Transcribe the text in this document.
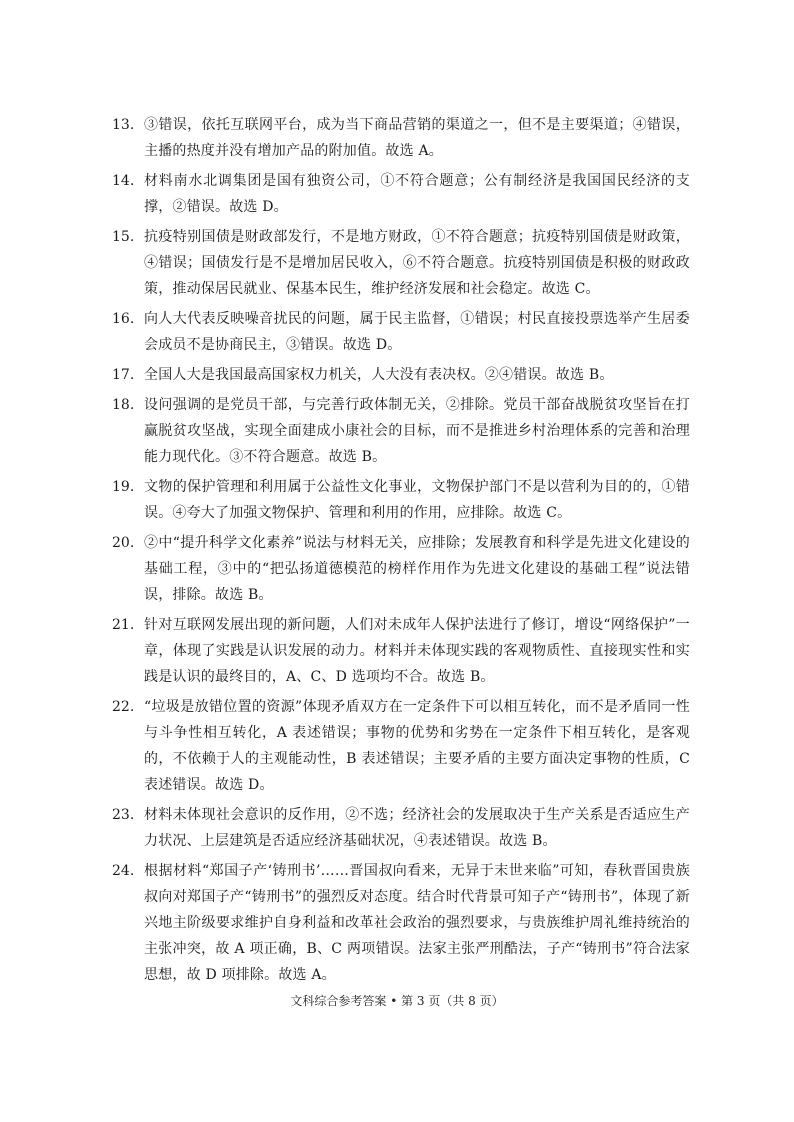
13. ③错误，依托互联网平台，成为当下商品营销的渠道之一，但不是主要渠道；④错误，主播的热度并没有增加产品的附加值。故选 A。
14. 材料南水北调集团是国有独资公司，①不符合题意；公有制经济是我国国民经济的支撑，②错误。故选 D。
15. 抗疫特别国债是财政部发行，不是地方财政，①不符合题意；抗疫特别国债是财政策，④错误；国债发行是不是增加居民收入，⑥不符合题意。抗疫特别国债是积极的财政政策，推动保居民就业、保基本民生，维护经济发展和社会稳定。故选 C。
16. 向人大代表反映噪音扰民的问题，属于民主监督，①错误；村民直接投票选举产生居委会成员不是协商民主，③错误。故选 D。
17. 全国人大是我国最高国家权力机关，人大没有表决权。②④错误。故选 B。
18. 设问强调的是党员干部，与完善行政体制无关，②排除。党员干部奋战脱贫攻坚旨在打赢脱贫攻坚战，实现全面建成小康社会的目标，而不是推进乡村治理体系的完善和治理能力现代化。③不符合题意。故选 B。
19. 文物的保护管理和利用属于公益性文化事业，文物保护部门不是以营利为目的的，①错误。④夸大了加强文物保护、管理和利用的作用，应排除。故选 C。
20. ②中“提升科学文化素养”说法与材料无关，应排除；发展教育和科学是先进文化建设的基础工程，③中的“把弘扬道德模范的榜样作用作为先进文化建设的基础工程”说法错误，排除。故选 B。
21. 针对互联网发展出现的新问题，人们对未成年人保护法进行了修订，增设“网络保护”一章，体现了实践是认识发展的动力。材料并未体现实践的客观物质性、直接现实性和实践是认识的最终目的，A、C、D 选项均不合。故选 B。
22. “垃圾是放错位置的资源”体现矛盾双方在一定条件下可以相互转化，而不是矛盾同一性与斗争性相互转化，A 表述错误；事物的优势和劣势在一定条件下相互转化，是客观的，不依赖于人的主观能动性，B 表述错误；主要矛盾的主要方面决定事物的性质，C 表述错误。故选 D。
23. 材料未体现社会意识的反作用，②不选；经济社会的发展取决于生产关系是否适应生产力状况、上层建筑是否适应经济基础状况，④表述错误。故选 B。
24. 根据材料“郑国子产‘铸刑书’……晋国叔向看来，无异于末世来临”可知，春秋晋国贵族叔向对郑国子产“铸刑书”的强烈反对态度。结合时代背景可知子产“铸刑书”，体现了新兴地主阶级要求维护自身利益和改革社会政治的强烈要求，与贵族维护周礼维持统治的主张冲突，故 A 项正确，B、C 两项错误。法家主张严刑酷法，子产“铸刑书”符合法家思想，故 D 项排除。故选 A。
文科综合参考答案 • 第 3 页（共 8 页）
